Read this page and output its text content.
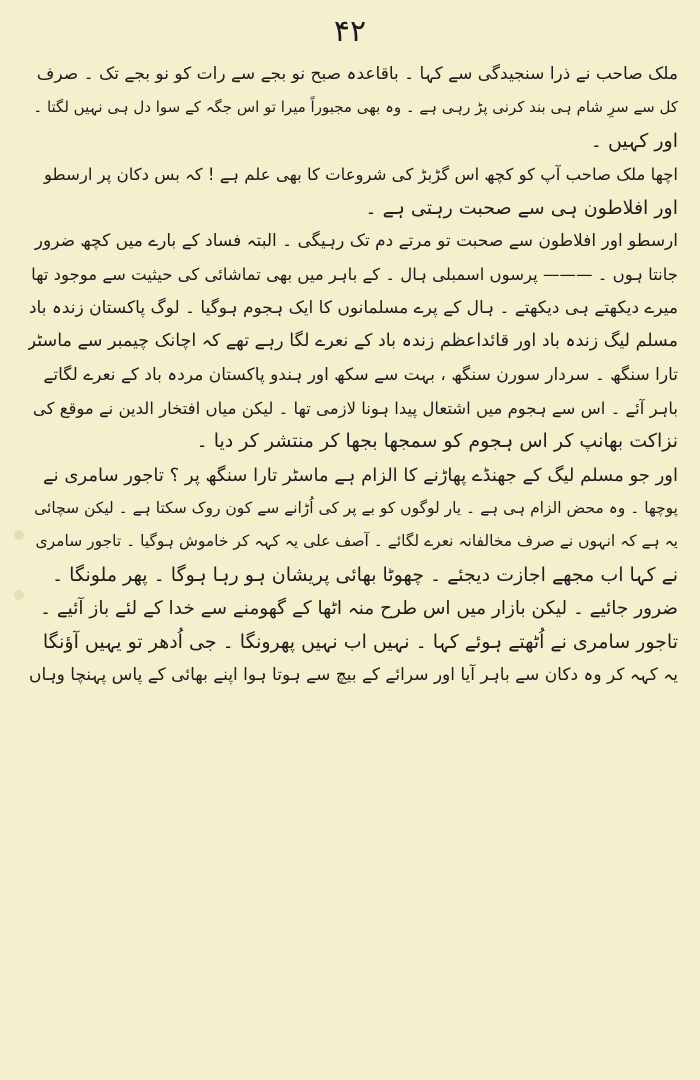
۴۲
ملک صاحب نے ذرا سنجیدگی سے کہا ۔ باقاعدہ صبح نو بجے سے رات کو نو بجے تک ۔ صرف
کل سے سرِ شام ہی بند کرنی پڑ رہی ہے ۔ وہ بھی مجبوراً میرا تو اس جگہ کے سوا دل ہی نہیں لگتا ۔
اور کہیں ۔
اچھا ملک صاحب آپ کو کچھ اس گڑبڑ کی شروعات کا بھی علم ہے ! کہ بس دکان پر ارسطو
اور افلاطون ہی سے صحبت رہتی ہے ۔
ارسطو اور افلاطون سے صحبت تو مرتے دم تک رہیگی ۔ البتہ فساد کے بارے میں کچھ ضرور
جانتا ہوں ۔ ——— پرسوں اسمبلی ہال ۔ کے باہر میں بھی تماشائی کی حیثیت سے موجود تھا
میرے دیکھتے ہی دیکھتے ۔ ہال کے پرے مسلمانوں کا ایک ہجوم ہوگیا ۔ لوگ پاکستان زندہ باد
مسلم لیگ زندہ باد اور قائداعظم زندہ باد کے نعرے لگا رہے تھے کہ اچانک چیمبر سے ماسٹر
تارا سنگھ ۔ سردار سورن سنگھ ، بہت سے سکھ اور ہندو پاکستان مردہ باد کے نعرے لگاتے
باہر آئے ۔ اس سے ہجوم میں اشتعال پیدا ہونا لازمی تھا ۔ لیکن میاں افتخار الدین نے موقع کی
نزاکت بھانپ کر اس ہجوم کو سمجھا بجھا کر منتشر کر دیا ۔
اور جو مسلم لیگ کے جھنڈے پھاڑنے کا الزام ہے ماسٹر تارا سنگھ پر ؟ تاجور سامری نے
پوچھا ۔ وہ محض الزام ہی ہے ۔ یار لوگوں کو بے پر کی اُڑانے سے کون روک سکتا ہے ۔ لیکن سچائی
یہ ہے کہ انہوں نے صرف مخالفانہ نعرے لگائے ۔ آصف علی یہ کہہ کر خاموش ہوگیا ۔ تاجور سامری
نے کہا اب مجھے اجازت دیجئے ۔ چھوٹا بھائی پریشان ہو رہا ہوگا ۔ پھر ملونگا ۔
ضرور جائیے ۔ لیکن بازار میں اس طرح منہ اٹھا کے گھومنے سے خدا کے لئے باز آئیے ۔
تاجور سامری نے اُٹھتے ہوئے کہا ۔ نہیں اب نہیں پھرونگا ۔ جی اُدھر تو یہیں آؤنگا
یہ کہہ کر وہ دکان سے باہر آیا اور سرائے کے بیچ سے ہوتا ہوا اپنے بھائی کے پاس پہنچا وہاں
